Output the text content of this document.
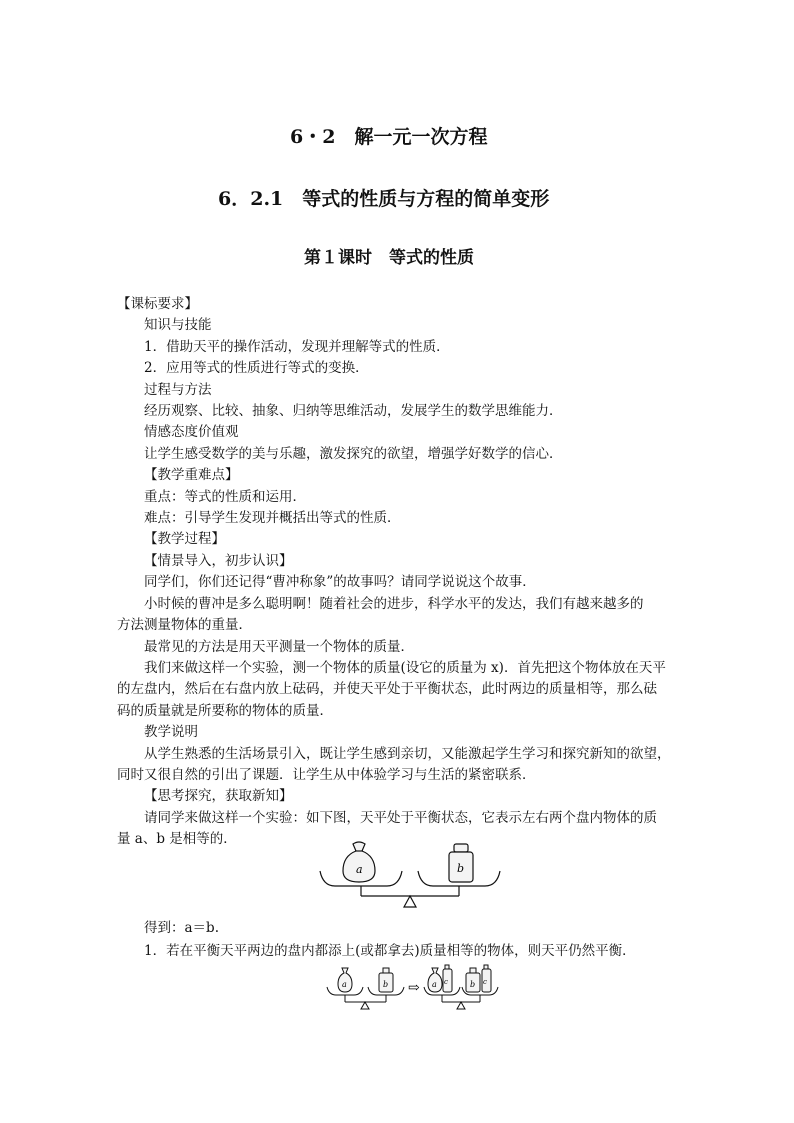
6・2　解一元一次方程
6．2.1　等式的性质与方程的简单变形
第１课时　等式的性质
【课标要求】
知识与技能
1．借助天平的操作活动，发现并理解等式的性质．
2．应用等式的性质进行等式的变换．
过程与方法
经历观察、比较、抽象、归纳等思维活动，发展学生的数学思维能力．
情感态度价值观
让学生感受数学的美与乐趣，激发探究的欲望，增强学好数学的信心．
【教学重难点】
重点：等式的性质和运用．
难点：引导学生发现并概括出等式的性质．
【教学过程】
【情景导入，初步认识】
同学们，你们还记得“曹冲称象”的故事吗？请同学说说这个故事．
小时候的曹冲是多么聪明啊！随着社会的进步，科学水平的发达，我们有越来越多的
方法测量物体的重量．
最常见的方法是用天平测量一个物体的质量．
我们来做这样一个实验，测一个物体的质量(设它的质量为 x)．首先把这个物体放在天平
的左盘内，然后在右盘内放上砝码，并使天平处于平衡状态，此时两边的质量相等，那么砝
码的质量就是所要称的物体的质量．
教学说明
从学生熟悉的生活场景引入，既让学生感到亲切，又能激起学生学习和探究新知的欲望，
同时又很自然的引出了课题．让学生从中体验学习与生活的紧密联系．
【思考探究，获取新知】
请同学来做这样一个实验：如下图，天平处于平衡状态，它表示左右两个盘内物体的质
量 a、b 是相等的．
a	b
得到：a＝b.
1．若在平衡天平两边的盘内都添上(或都拿去)质量相等的物体，则天平仍然平衡．
a	b ⇨ a c	b c
